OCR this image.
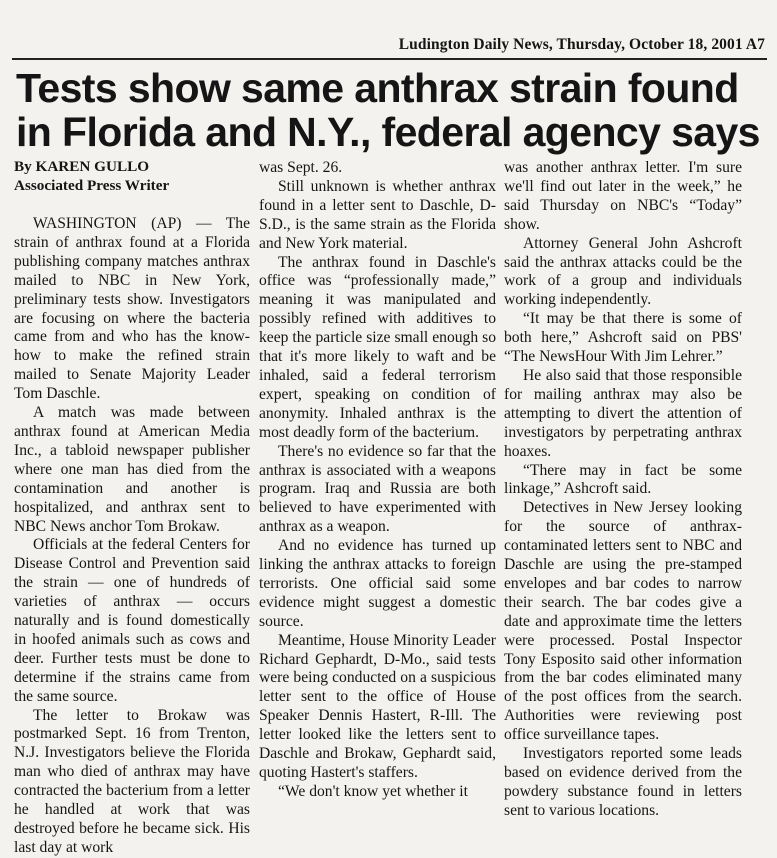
Ludington Daily News, Thursday, October 18, 2001 A7
Tests show same anthrax strain found in Florida and N.Y., federal agency says
By KAREN GULLO
Associated Press Writer

WASHINGTON (AP) — The strain of anthrax found at a Florida publishing company matches anthrax mailed to NBC in New York, preliminary tests show. Investigators are focusing on where the bacteria came from and who has the know-how to make the refined strain mailed to Senate Majority Leader Tom Daschle.

A match was made between anthrax found at American Media Inc., a tabloid newspaper publisher where one man has died from the contamination and another is hospitalized, and anthrax sent to NBC News anchor Tom Brokaw.

Officials at the federal Centers for Disease Control and Prevention said the strain — one of hundreds of varieties of anthrax — occurs naturally and is found domestically in hoofed animals such as cows and deer. Further tests must be done to determine if the strains came from the same source.

The letter to Brokaw was postmarked Sept. 16 from Trenton, N.J. Investigators believe the Florida man who died of anthrax may have contracted the bacterium from a letter he handled at work that was destroyed before he became sick. His last day at work

was Sept. 26.

Still unknown is whether anthrax found in a letter sent to Daschle, D-S.D., is the same strain as the Florida and New York material.

The anthrax found in Daschle's office was “professionally made,” meaning it was manipulated and possibly refined with additives to keep the particle size small enough so that it's more likely to waft and be inhaled, said a federal terrorism expert, speaking on condition of anonymity. Inhaled anthrax is the most deadly form of the bacterium.

There's no evidence so far that the anthrax is associated with a weapons program. Iraq and Russia are both believed to have experimented with anthrax as a weapon.

And no evidence has turned up linking the anthrax attacks to foreign terrorists. One official said some evidence might suggest a domestic source.

Meantime, House Minority Leader Richard Gephardt, D-Mo., said tests were being conducted on a suspicious letter sent to the office of House Speaker Dennis Hastert, R-Ill. The letter looked like the letters sent to Daschle and Brokaw, Gephardt said, quoting Hastert's staffers.

“We don't know yet whether it

was another anthrax letter. I'm sure we'll find out later in the week,” he said Thursday on NBC's “Today” show.

Attorney General John Ashcroft said the anthrax attacks could be the work of a group and individuals working independently.

“It may be that there is some of both here,” Ashcroft said on PBS' “The NewsHour With Jim Lehrer.”

He also said that those responsible for mailing anthrax may also be attempting to divert the attention of investigators by perpetrating anthrax hoaxes.

“There may in fact be some linkage,” Ashcroft said.

Detectives in New Jersey looking for the source of anthrax-contaminated letters sent to NBC and Daschle are using the pre-stamped envelopes and bar codes to narrow their search. The bar codes give a date and approximate time the letters were processed. Postal Inspector Tony Esposito said other information from the bar codes eliminated many of the post offices from the search. Authorities were reviewing post office surveillance tapes.

Investigators reported some leads based on evidence derived from the powdery substance found in letters sent to various locations.
